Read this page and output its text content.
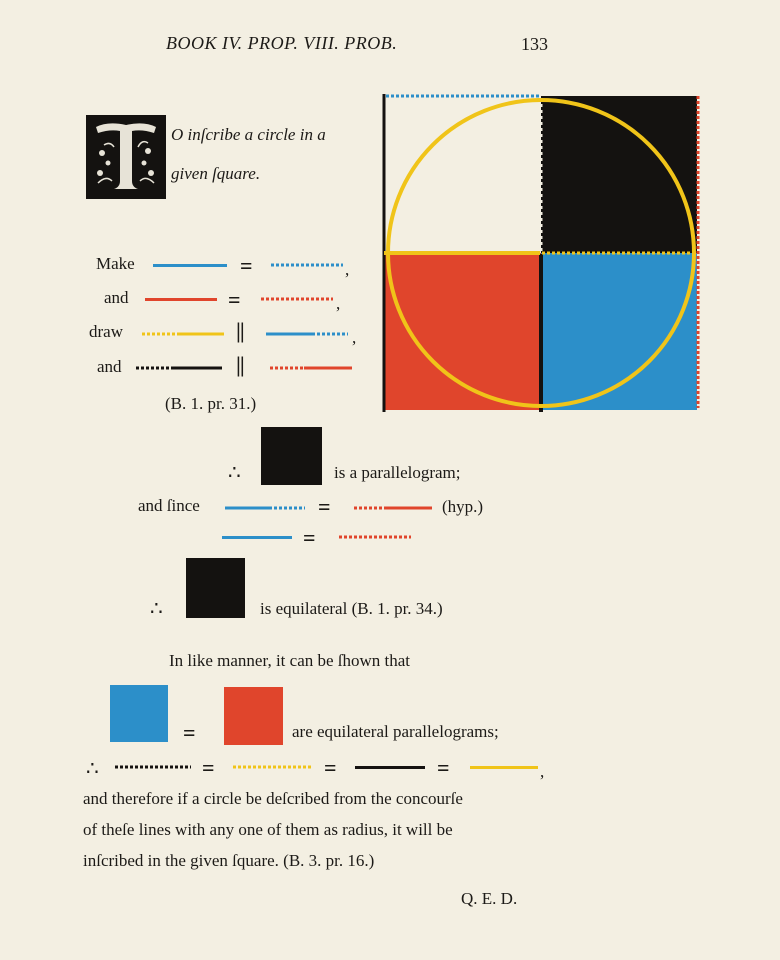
BOOK IV. PROP. VIII. PROB.	133
O inſcribe a circle in a
given ſquare.
Make	=	,
and	=	,
draw	||	,
and	||
(B. 1. pr. 31.)
∴	is a parallelogram;
and ſince	=	(hyp.)
=
∴	is equilateral (B. 1. pr. 34.)
In like manner, it can be ſhown that
=	are equilateral parallelograms;
∴	=	=	=	,
and therefore if a circle be deſcribed from the concourſe
of theſe lines with any one of them as radius, it will be
inſcribed in the given ſquare. (B. 3. pr. 16.)
Q. E. D.
